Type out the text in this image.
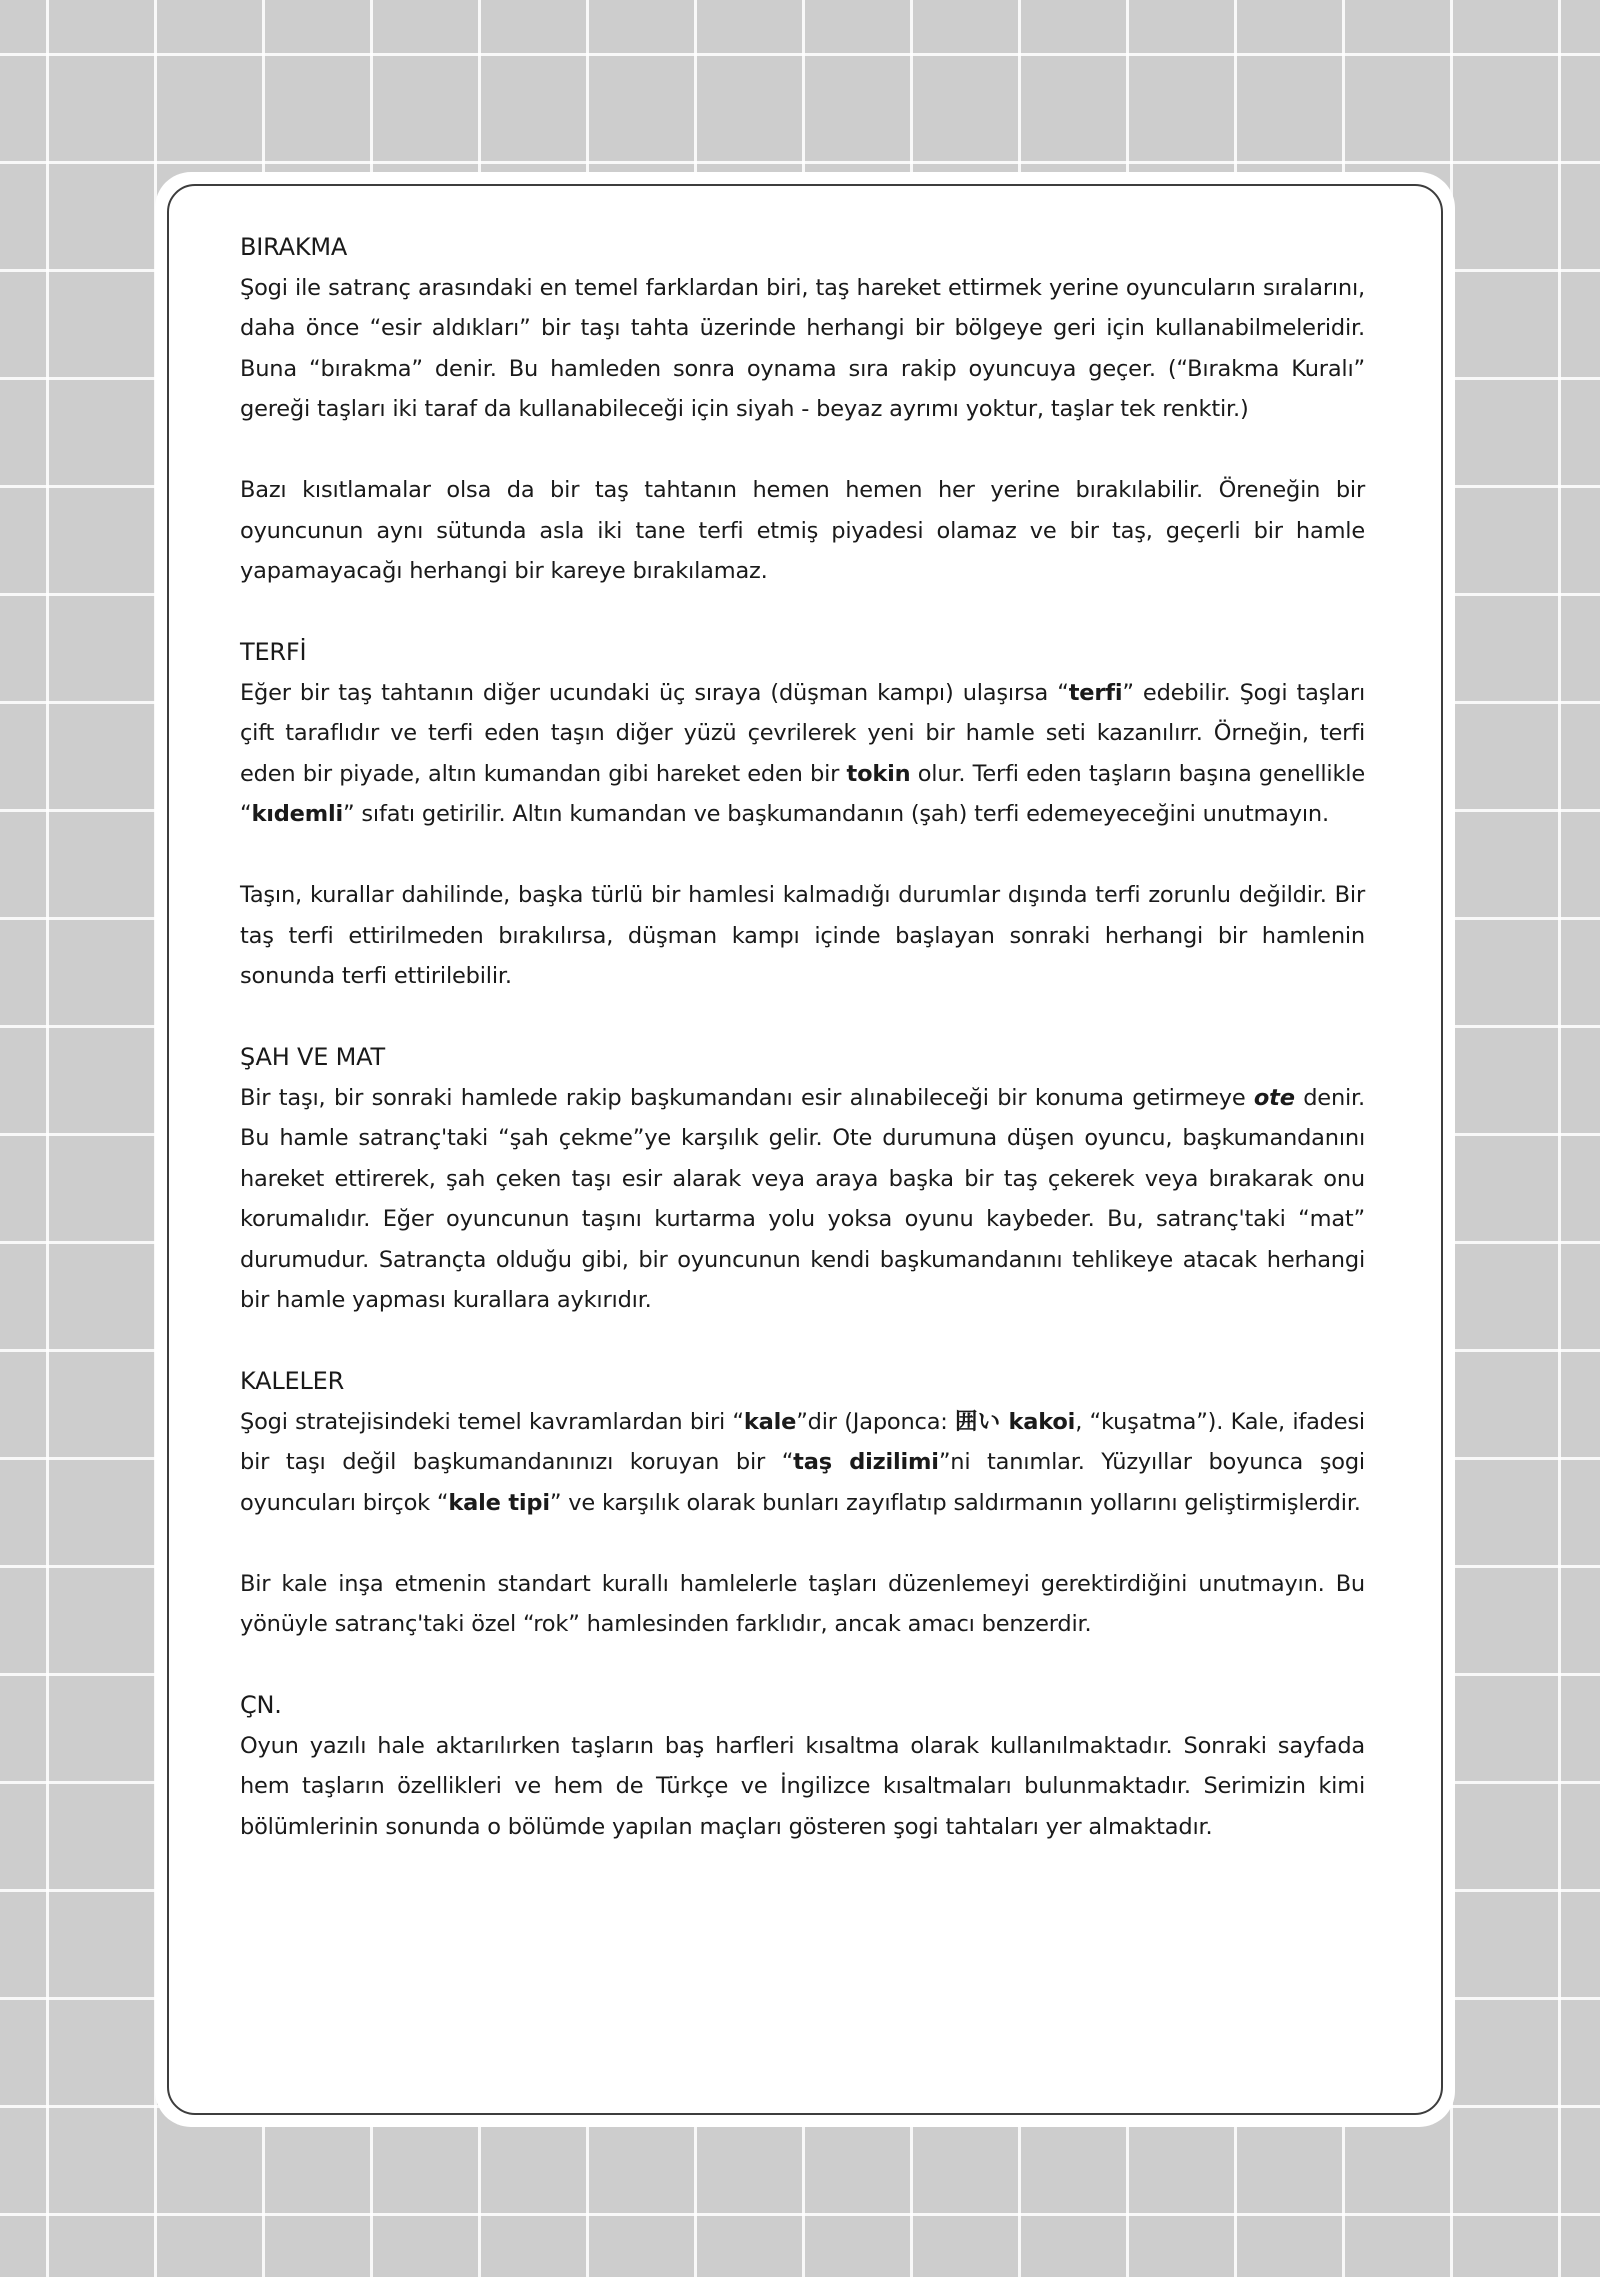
BIRAKMA
Şogi ile satranç arasındaki en temel farklardan biri, taş hareket ettirmek yerine oyuncuların sıralarını, daha önce “esir aldıkları” bir taşı tahta üzerinde herhangi bir bölgeye geri için kullanabilmeleridir. Buna “bırakma” denir. Bu hamleden sonra oynama sıra rakip oyuncuya geçer. (“Bırakma Kuralı” gereği taşları iki taraf da kullanabileceği için siyah - beyaz ayrımı yoktur, taşlar tek renktir.)
Bazı kısıtlamalar olsa da bir taş tahtanın hemen hemen her yerine bırakılabilir. Öreneğin bir oyuncunun aynı sütunda asla iki tane terfi etmiş piyadesi olamaz ve bir taş, geçerli bir hamle yapamayacağı herhangi bir kareye bırakılamaz.
TERFİ
Eğer bir taş tahtanın diğer ucundaki üç sıraya (düşman kampı) ulaşırsa “terfi” edebilir. Şogi taşları çift taraflıdır ve terfi eden taşın diğer yüzü çevrilerek yeni bir hamle seti kazanılırr. Örneğin, terfi eden bir piyade, altın kumandan gibi hareket eden bir tokin olur. Terfi eden taşların başına genellikle “kıdemli” sıfatı getirilir. Altın kumandan ve başkumandanın (şah) terfi edemeyeceğini unutmayın.
Taşın, kurallar dahilinde, başka türlü bir hamlesi kalmadığı durumlar dışında terfi zorunlu değildir. Bir taş terfi ettirilmeden bırakılırsa, düşman kampı içinde başlayan sonraki herhangi bir hamlenin sonunda terfi ettirilebilir.
ŞAH VE MAT
Bir taşı, bir sonraki hamlede rakip başkumandanı esir alınabileceği bir konuma getirmeye ote denir. Bu hamle satranç'taki “şah çekme”ye karşılık gelir. Ote durumuna düşen oyuncu, başkumandanını hareket ettirerek, şah çeken taşı esir alarak veya araya başka bir taş çekerek veya bırakarak onu korumalıdır. Eğer oyuncunun taşını kurtarma yolu yoksa oyunu kaybeder. Bu, satranç'taki “mat” durumudur. Satrançta olduğu gibi, bir oyuncunun kendi başkumandanını tehlikeye atacak herhangi bir hamle yapması kurallara aykırıdır.
KALELER
Şogi stratejisindeki temel kavramlardan biri “kale”dir (Japonca: 囲い kakoi, “kuşatma”). Kale, ifadesi bir taşı değil başkumandanınızı koruyan bir “taş dizilimi”ni tanımlar. Yüzyıllar boyunca şogi oyuncuları birçok “kale tipi” ve karşılık olarak bunları zayıflatıp saldırmanın yollarını geliştirmişlerdir.
Bir kale inşa etmenin standart kurallı hamlelerle taşları düzenlemeyi gerektirdiğini unutmayın. Bu yönüyle satranç'taki özel “rok” hamlesinden farklıdır, ancak amacı benzerdir.
ÇN.
Oyun yazılı hale aktarılırken taşların baş harfleri kısaltma olarak kullanılmaktadır. Sonraki sayfada hem taşların özellikleri ve hem de Türkçe ve İngilizce kısaltmaları bulunmaktadır. Serimizin kimi bölümlerinin sonunda o bölümde yapılan maçları gösteren şogi tahtaları yer almaktadır.
